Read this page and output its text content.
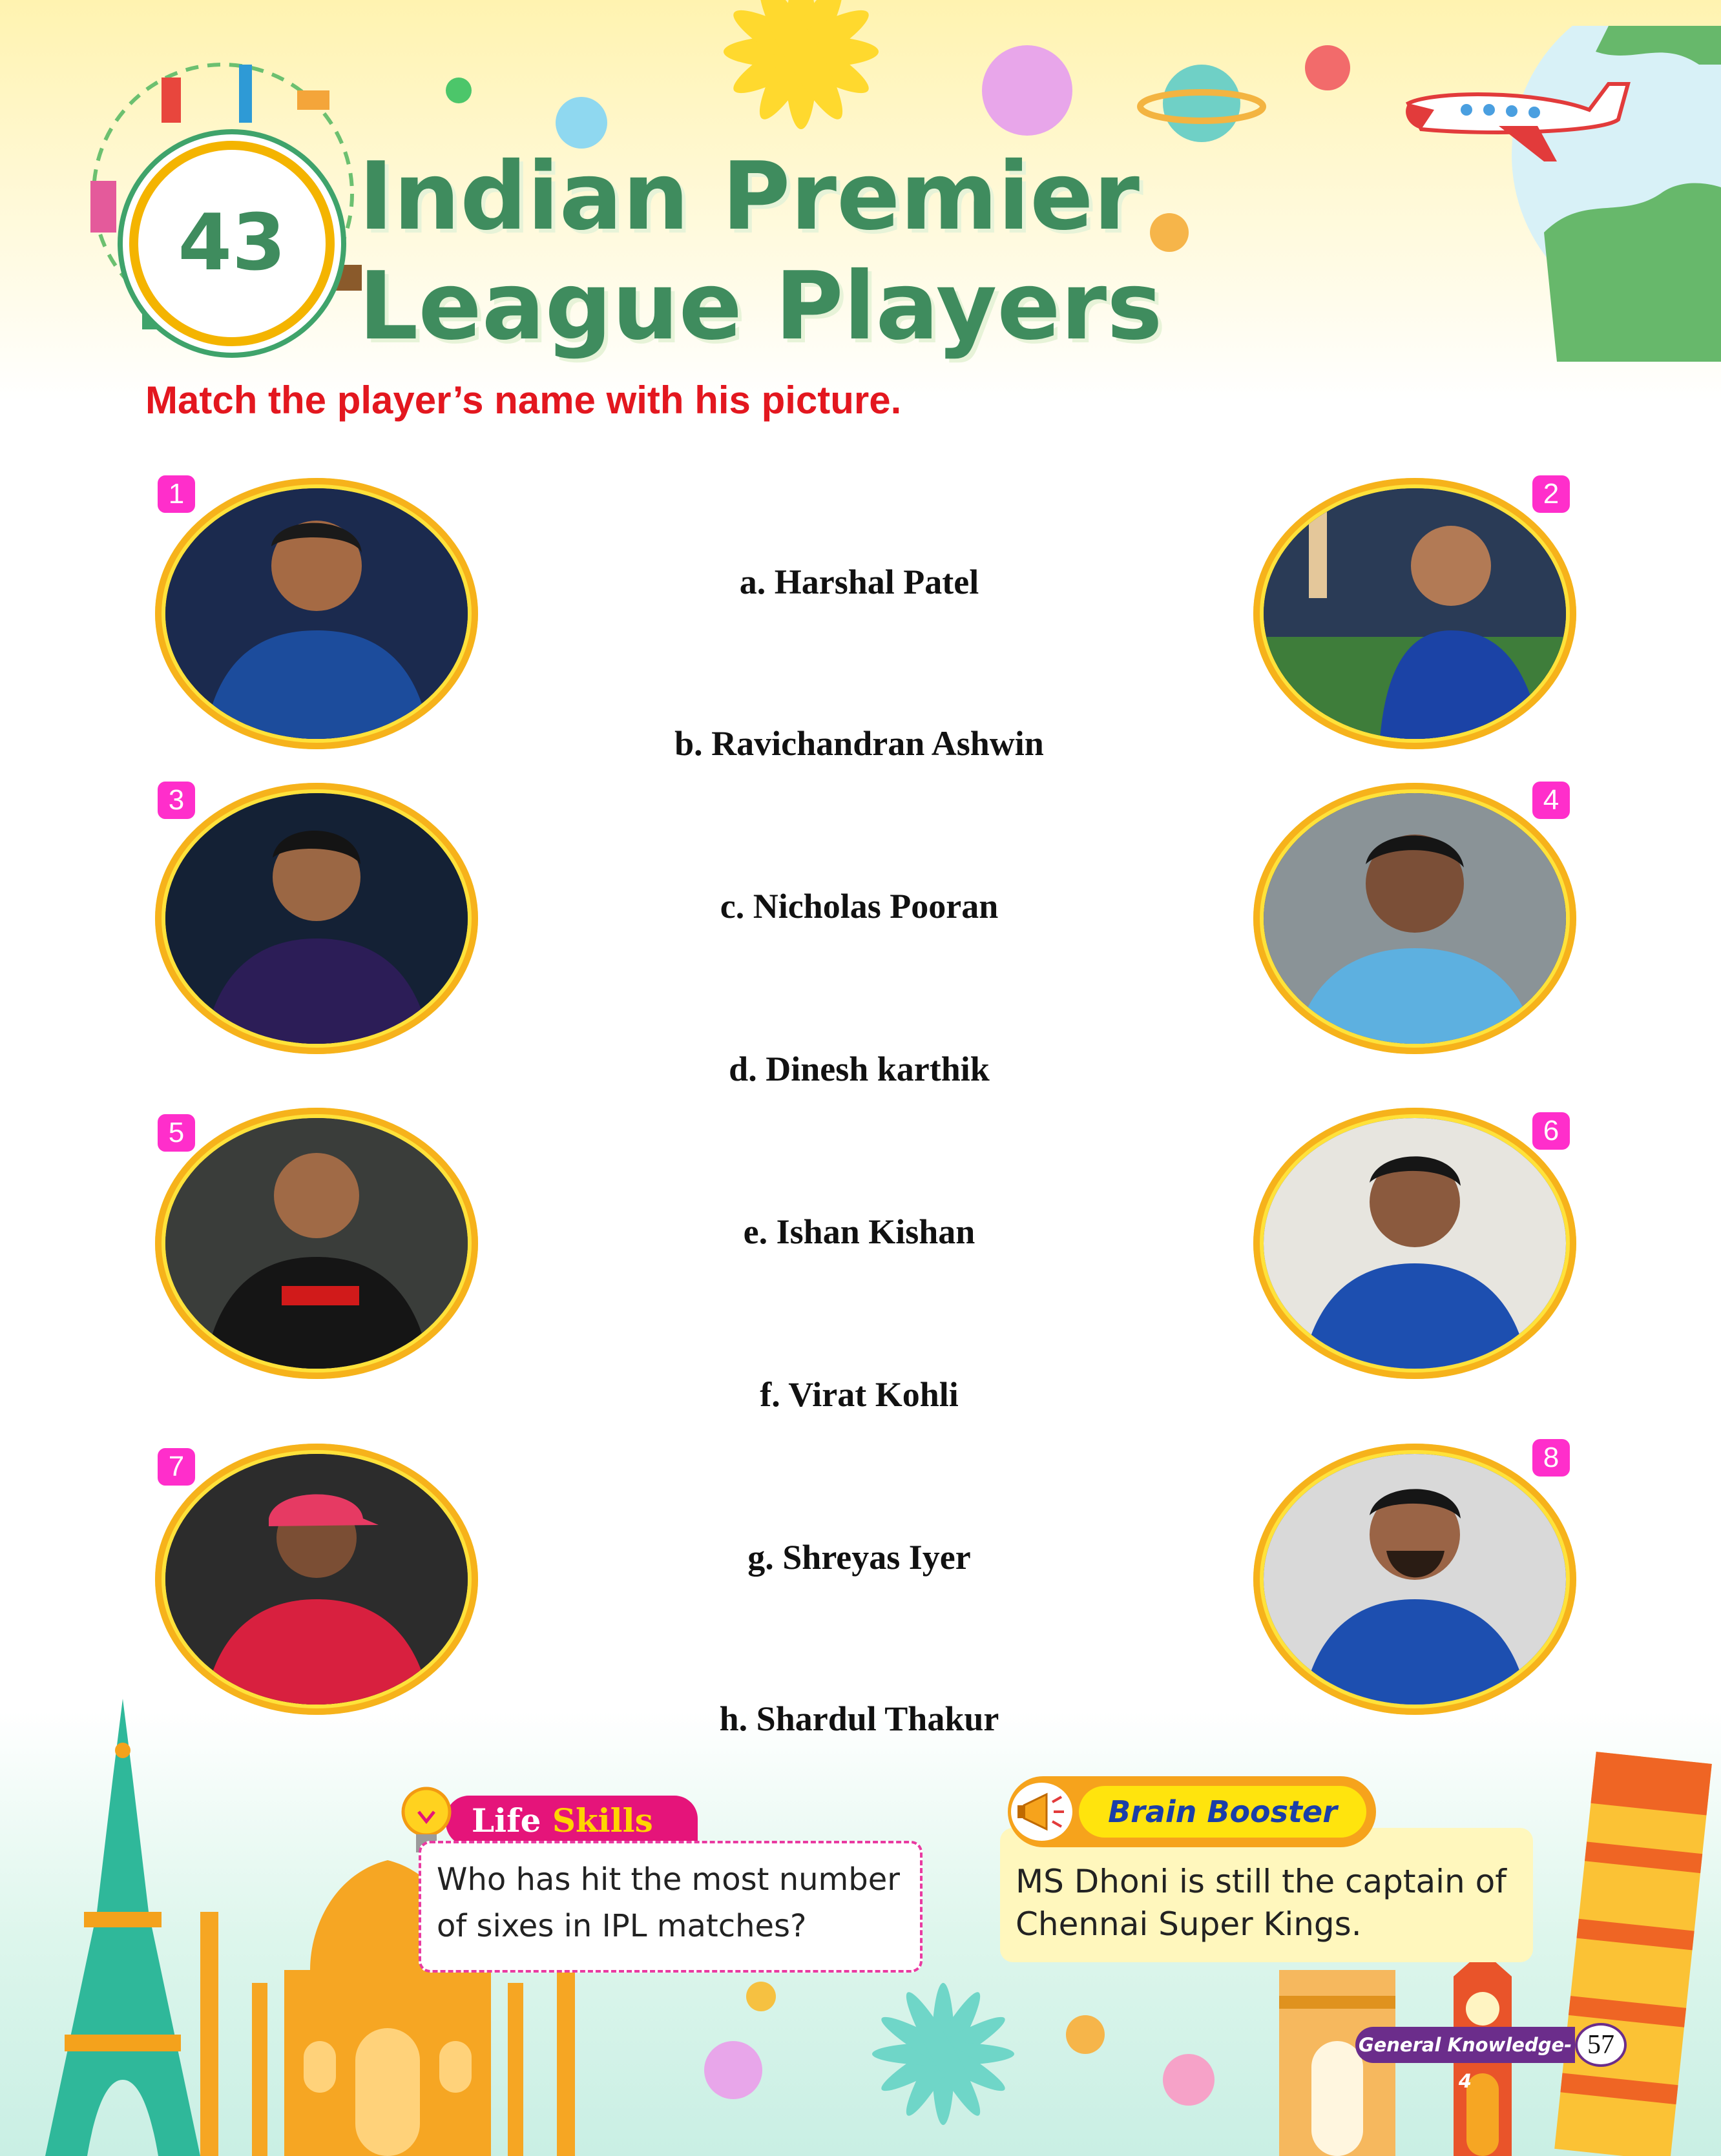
43 Indian Premier
League Players
Match the player’s name with his picture.
1
3
5
7
2
4
6
8
a. Harshal Patel
b. Ravichandran Ashwin
c. Nicholas Pooran
d. Dinesh karthik
e. Ishan Kishan
f. Virat Kohli
g. Shreyas Iyer
h. Shardul Thakur
Life Skills
Who has hit the most number
of sixes in IPL matches?
MS Dhoni is still the captain of
Chennai Super Kings.
Brain Booster
General Knowledge-4
57
